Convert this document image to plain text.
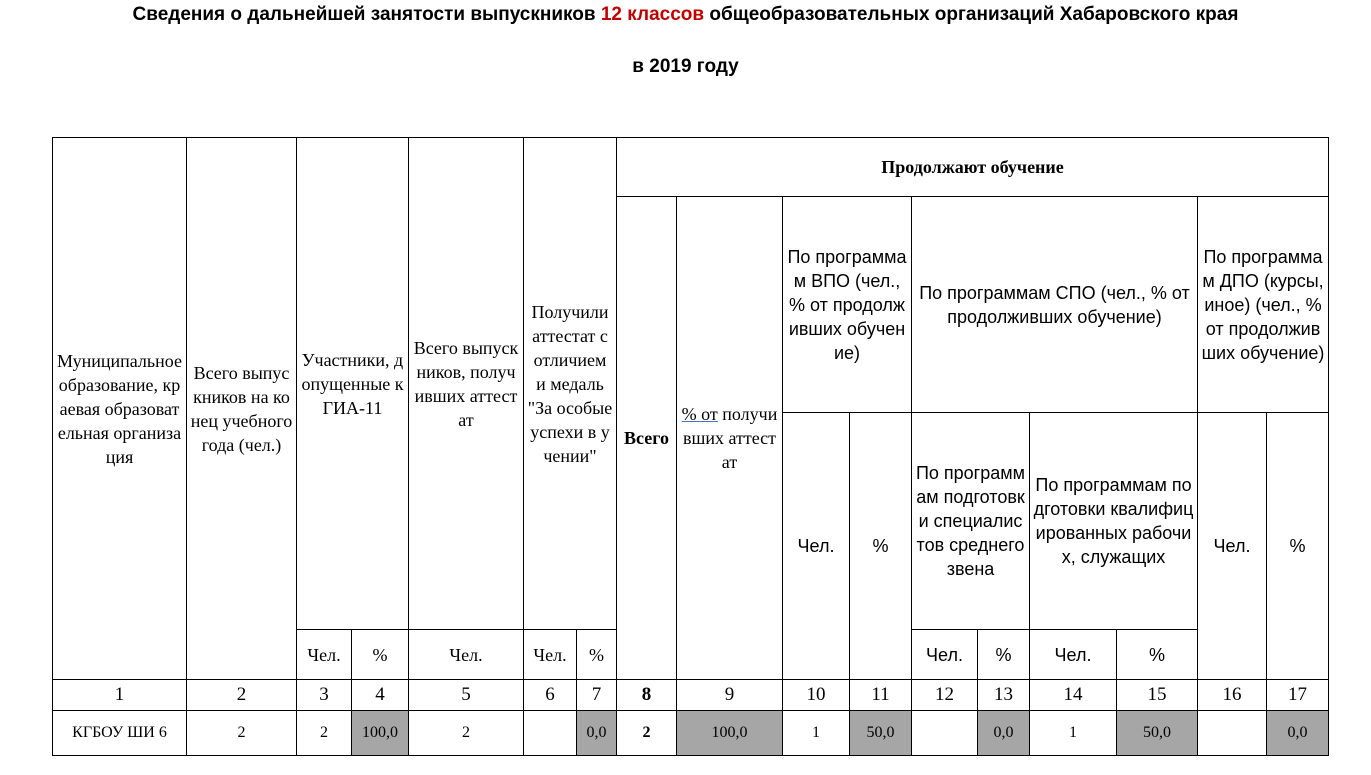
Сведения о дальнейшей занятости выпускников 12 классов общеобразовательных организаций Хабаровского края
в 2019 году
Муниципальное образование, краевая образовательная организация	Всего выпускников на конец учебного года (чел.)	Участники, допущенные к ГИА-11		Всего выпускников, получивших аттестат	Получили аттестат с отличием и медаль "За особые успехи в учении"		Продолжают обучение									
							Всего	% от получивших аттестат	По программам ВПО (чел., % от продолживших обучение)		По программам СПО (чел., % от продолживших обучение)				По программам ДПО (курсы, иное) (чел., % от продолживших обучение)	
									Чел.	%	По программам подготовки специалистов среднего звена		По программам подготовки квалифицированных рабочих, служащих		Чел.	%
		Чел.	%	Чел.	Чел.	%					Чел.	%	Чел.	%		
1	2	3	4	5	6	7	8	9	10	11	12	13	14	15	16	17
КГБОУ ШИ 6	2	2	100,0	2		0,0	2	100,0	1	50,0		0,0	1	50,0		0,0
